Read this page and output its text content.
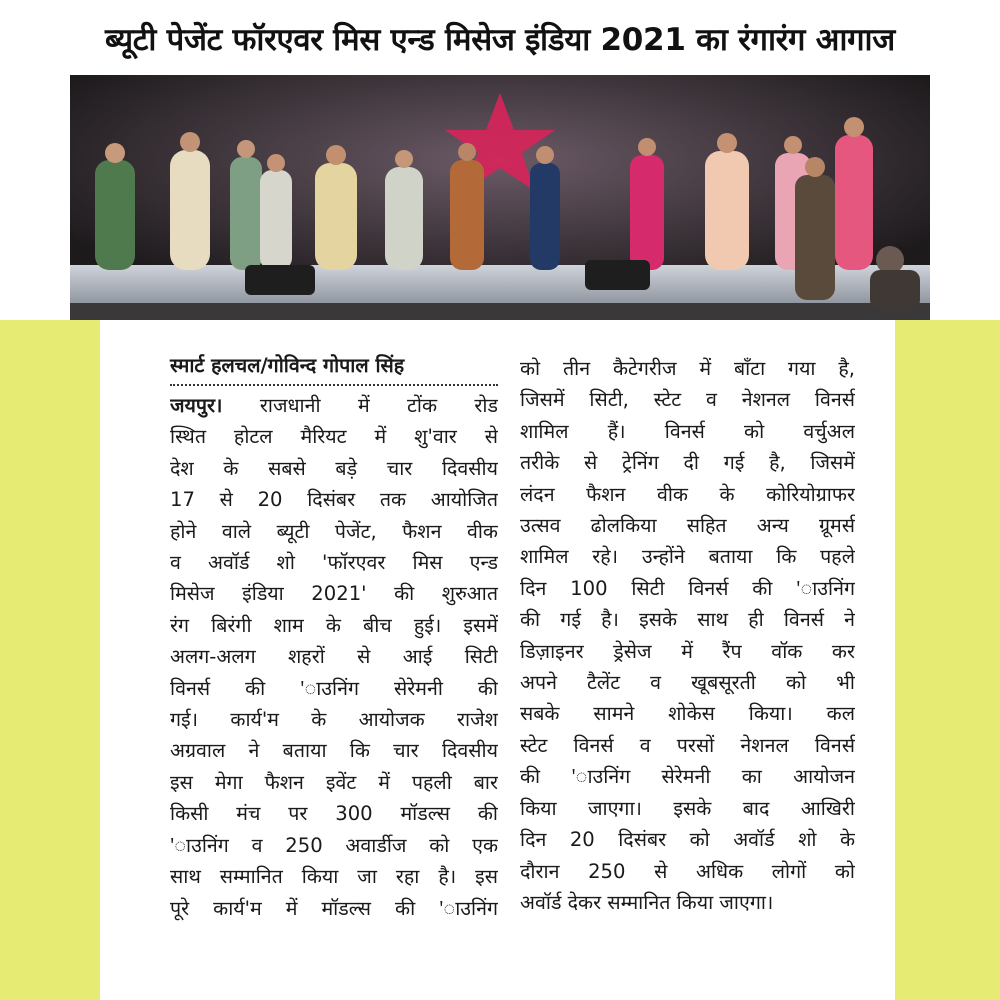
ब्यूटी पेजेंट फॉरएवर मिस एन्ड मिसेज इंडिया 2021 का रंगारंग आगाज
स्मार्ट हलचल/गोविन्द गोपाल सिंह
जयपुर। राजधानी में टोंक रोड
स्थित होटल मैरियट में शु'वार से
देश के सबसे बड़े चार दिवसीय
17 से 20 दिसंबर तक आयोजित
होने वाले ब्यूटी पेजेंट, फैशन वीक
व अवॉर्ड शो 'फॉरएवर मिस एन्ड
मिसेज इंडिया 2021' की शुरुआत
रंग बिरंगी शाम के बीच हुई। इसमें
अलग-अलग शहरों से आई सिटी
विनर्स की 'ाउनिंग सेरेमनी की
गई। कार्य'म के आयोजक राजेश
अग्रवाल ने बताया कि चार दिवसीय
इस मेगा फैशन इवेंट में पहली बार
किसी मंच पर 300 मॉडल्स की
'ाउनिंग व 250 अवार्डीज को एक
साथ सम्मानित किया जा रहा है। इस
पूरे कार्य'म में मॉडल्स की 'ाउनिंग
को तीन कैटेगरीज में बाँटा गया है,
जिसमें सिटी, स्टेट व नेशनल विनर्स
शामिल हैं। विनर्स को वर्चुअल
तरीके से ट्रेनिंग दी गई है, जिसमें
लंदन फैशन वीक के कोरियोग्राफर
उत्सव ढोलकिया सहित अन्य ग्रूमर्स
शामिल रहे। उन्होंने बताया कि पहले
दिन 100 सिटी विनर्स की 'ाउनिंग
की गई है। इसके साथ ही विनर्स ने
डिज़ाइनर ड्रेसेज में रैंप वॉक कर
अपने टैलेंट व खूबसूरती को भी
सबके सामने शोकेस किया। कल
स्टेट विनर्स व परसों नेशनल विनर्स
की 'ाउनिंग सेरेमनी का आयोजन
किया जाएगा। इसके बाद आखिरी
दिन 20 दिसंबर को अवॉर्ड शो के
दौरान 250 से अधिक लोगों को
अवॉर्ड देकर सम्मानित किया जाएगा।
